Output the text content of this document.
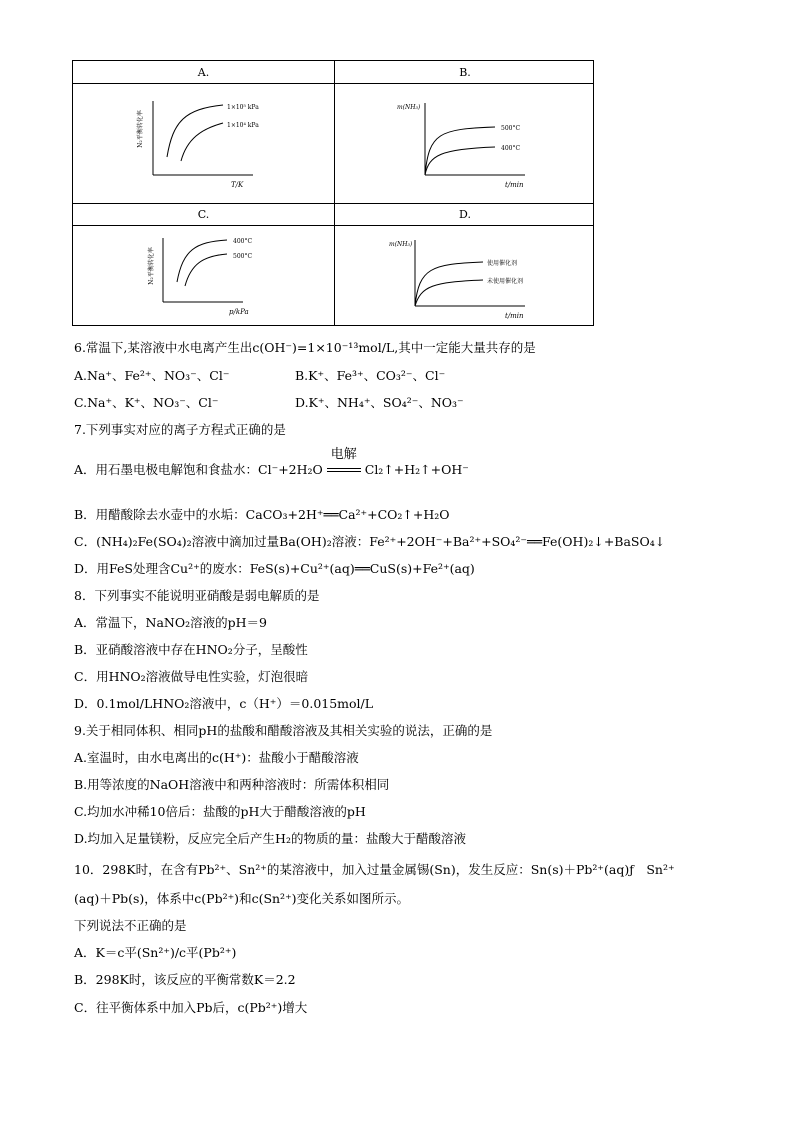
A.
N₂平衡转化率
T/K
1×10⁵ kPa
1×10⁴ kPa
B.
m(NH₃)
t/min
500°C
400°C
C.
N₂平衡转化率
p/kPa
400°C
500°C
D.
m(NH₃)
t/min
使用催化剂
未使用催化剂
6.常温下,某溶液中水电离产生出c(OH⁻)=1×10⁻¹³mol/L,其中一定能大量共存的是
A.Na⁺、Fe²⁺、NO₃⁻、Cl⁻	B.K⁺、Fe³⁺、CO₃²⁻、Cl⁻
C.Na⁺、K⁺、NO₃⁻、Cl⁻	D.K⁺、NH₄⁺、SO₄²⁻、NO₃⁻
7.下列事实对应的离子方程式正确的是
A．用石墨电极电解饱和食盐水：Cl⁻+2H₂O
电解
Cl₂↑+H₂↑+OH⁻
B．用醋酸除去水壶中的水垢：CaCO₃+2H⁺══Ca²⁺+CO₂↑+H₂O
C．(NH₄)₂Fe(SO₄)₂溶液中滴加过量Ba(OH)₂溶液：Fe²⁺+2OH⁻+Ba²⁺+SO₄²⁻══Fe(OH)₂↓+BaSO₄↓
D．用FeS处理含Cu²⁺的废水：FeS(s)+Cu²⁺(aq)══CuS(s)+Fe²⁺(aq)
8．下列事实不能说明亚硝酸是弱电解质的是
A．常温下，NaNO₂溶液的pH＝9
B．亚硝酸溶液中存在HNO₂分子，呈酸性
C．用HNO₂溶液做导电性实验，灯泡很暗
D．0.1mol/LHNO₂溶液中，c（H⁺）＝0.015mol/L
9.关于相同体积、相同pH的盐酸和醋酸溶液及其相关实验的说法，正确的是
A.室温时，由水电离出的c(H⁺)：盐酸小于醋酸溶液
B.用等浓度的NaOH溶液中和两种溶液时：所需体积相同
C.均加水冲稀10倍后：盐酸的pH大于醋酸溶液的pH
D.均加入足量镁粉，反应完全后产生H₂的物质的量：盐酸大于醋酸溶液
10．298K时，在含有Pb²⁺、Sn²⁺的某溶液中，加入过量金属锡(Sn)，发生反应：Sn(s)＋Pb²⁺(aq)ƒ　Sn²⁺
(aq)＋Pb(s)，体系中c(Pb²⁺)和c(Sn²⁺)变化关系如图所示。
下列说法不正确的是
A．K＝c平(Sn²⁺)/c平(Pb²⁺)
B．298K时，该反应的平衡常数K＝2.2
C．往平衡体系中加入Pb后，c(Pb²⁺)增大
